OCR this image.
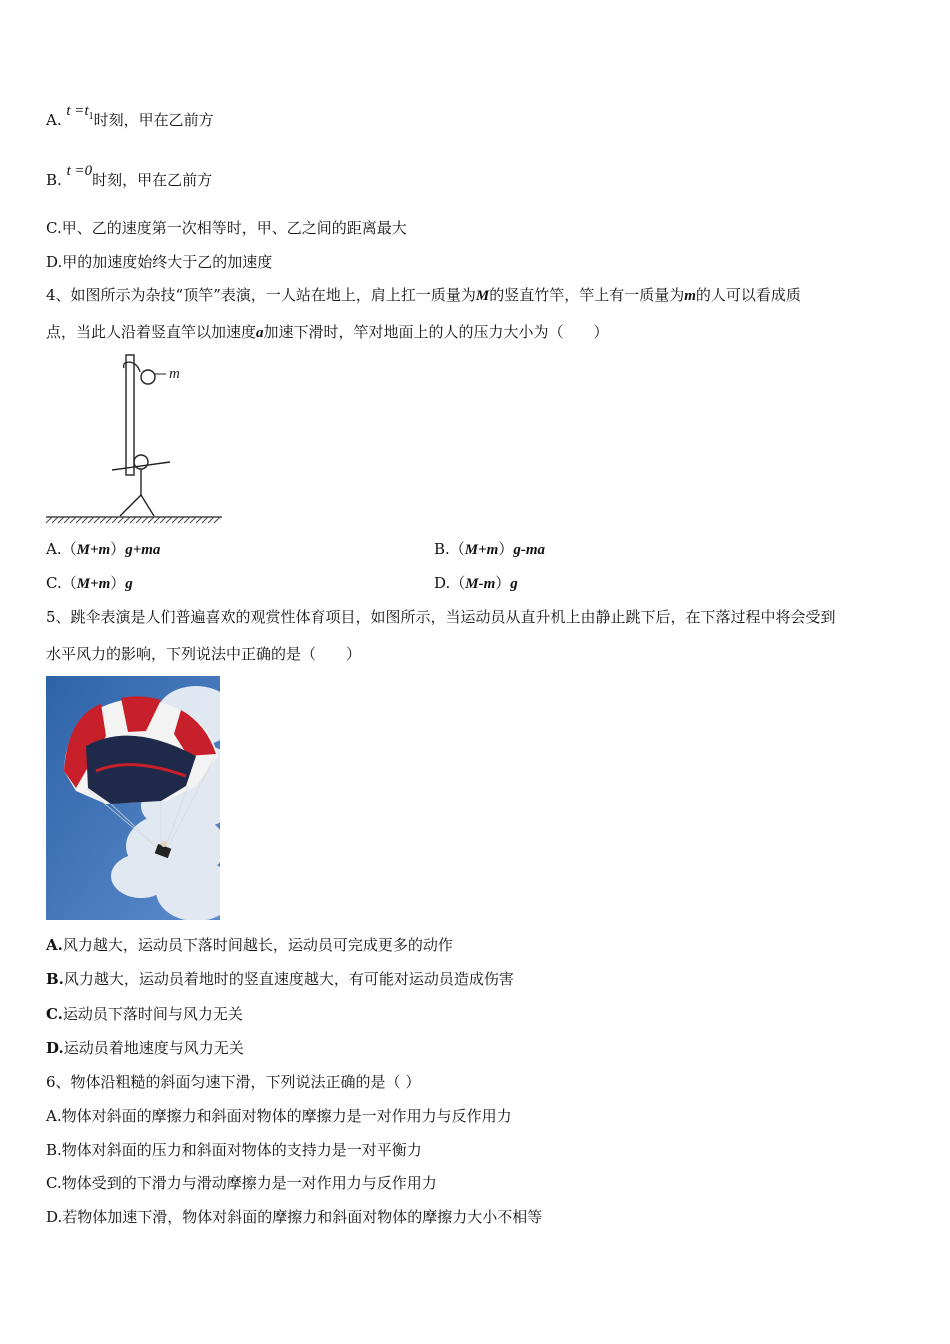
A. $t =t_1$时刻，甲在乙前方
B. t =0时刻，甲在乙前方
C.甲、乙的速度第一次相等时，甲、乙之间的距离最大
D.甲的加速度始终大于乙的加速度
4、如图所示为杂技“顶竿”表演，一人站在地上，肩上扛一质量为M的竖直竹竿，竿上有一质量为m的人可以看成质
点，当此人沿着竖直竿以加速度a加速下滑时，竿对地面上的人的压力大小为（　　）
m
A.（M+m）g+ma	B.（M+m）g-ma
C.（M+m）g	D.（M-m）g
5、跳伞表演是人们普遍喜欢的观赏性体育项目，如图所示，当运动员从直升机上由静止跳下后，在下落过程中将会受到
水平风力的影响，下列说法中正确的是（　　）
A.风力越大，运动员下落时间越长，运动员可完成更多的动作
B.风力越大，运动员着地时的竖直速度越大，有可能对运动员造成伤害
C.运动员下落时间与风力无关
D.运动员着地速度与风力无关
6、物体沿粗糙的斜面匀速下滑，下列说法正确的是（ ）
A.物体对斜面的摩擦力和斜面对物体的摩擦力是一对作用力与反作用力
B.物体对斜面的压力和斜面对物体的支持力是一对平衡力
C.物体受到的下滑力与滑动摩擦力是一对作用力与反作用力
D.若物体加速下滑，物体对斜面的摩擦力和斜面对物体的摩擦力大小不相等
